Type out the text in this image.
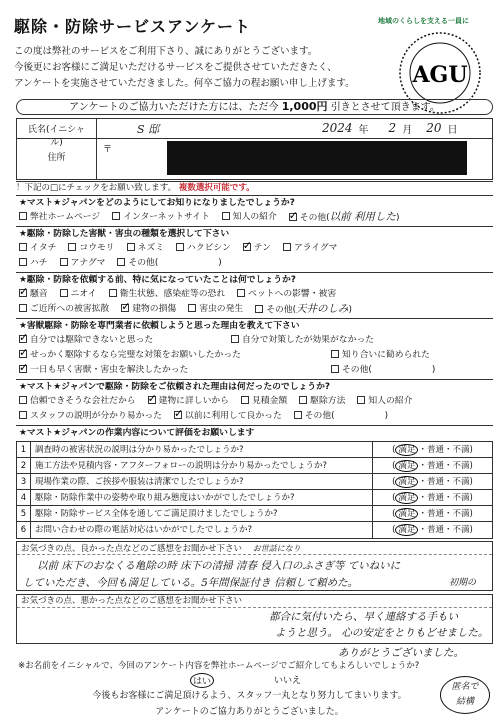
駆除・防除サービスアンケート
この度は弊社のサービスをご利用下さり、誠にありがとうございます。
今後更にお客様にご満足いただけるサービスをご提供させていただきたく、
アンケートを実施させていただきました。何卒ご協力の程お願い申し上げます。
地域のくらしを支える一員に
AGU
アンケートのご協力いただけた方には、ただ今 1,000円 引きとさせて頂きます。
氏名(イニシャル)
S 邸	2024 年 2 月 20 日
住所
〒
！下記の□にチェックをお願い致します。 複数選択可能です。
★マスト★ジャパンをどのようにしてお知りになりましたでしょうか?
弊社ホームページ	インターネットサイト	知人の紹介 ✓	その他(以前 利用した)
★駆除・防除した害獣・害虫の種類を選択して下さい
イタチ	コウモリ	ネズミ	ハクビシン ✓	テン	アライグマ
ハチ	アナグマ	その他(	)
★駆除・防除を依頼する前、特に気になっていたことは何でしょうか?
✓騒音	ニオイ	衛生状態、感染症等の恐れ	ペットへの影響・被害
ご近所への被害拡散 ✓	建物の損傷	害虫の発生	その他(天井のしみ)
★害獣駆除・防除を専門業者に依頼しようと思った理由を教えて下さい
✓自分では駆除できないと思った	自分で対策したが効果がなかった
✓せっかく駆除するなら完璧な対策をお願いしたかった	知り合いに勧められた
✓一日も早く害獣・害虫を解決したかった	その他(	)
★マスト★ジャパンで駆除・防除をご依頼された理由は何だったのでしょうか?
信頼できそうな会社だから ✓	建物に詳しいから	見積金額	駆除方法	知人の紹介
スタッフの説明が分かり易かった ✓	以前に利用して良かった	その他(	)
★マスト★ジャパンの作業内容について評価をお願いします
1	調査時の被害状況の説明は分かり易かったでしょうか?	( 満足 ・普通・不満)
2	施工方法や見積内容・アフターフォローの説明は分かり易かったでしょうか?	( 満足 ・普通・不満)
3	現場作業の際、ご挨拶や服装は清潔でしたでしょうか?	( 満足 ・普通・不満)
4	駆除・防除作業中の姿勢や取り組み態度はいかがでしたでしょうか?	( 満足 ・普通・不満)
5	駆除・防除サービス全体を通してご満足頂けましたでしょうか?	( 満足 ・普通・不満)
6	お問い合わせの際の電話対応はいかがでしたでしょうか?	( 満足 ・普通・不満)
お気づきの点、良かった点などのご感想をお聞かせ下さい お世話になり
以前 床下のおなくる亀除の時 床下の清掃 清春 侵入口のふさぎ等 ていねいに
していただき、今回も満足している。5年間保証付き 信頼して頼めた。	初期の
お気づきの点、悪かった点などのご感想をお聞かせ下さい
都合に気付いたら、早く連絡する手もい
ようと思う。 心の安定をとりもどせました。
ありがとうございました。
※お名前をイニシャルで、今回のアンケート内容を弊社ホームページでご紹介してもよろしいでしょうか?
はい	いいえ
今後もお客様にご満足頂けるよう、スタッフ一丸となり努力してまいります。
アンケートのご協力ありがとうございました。
匿名で
結構
